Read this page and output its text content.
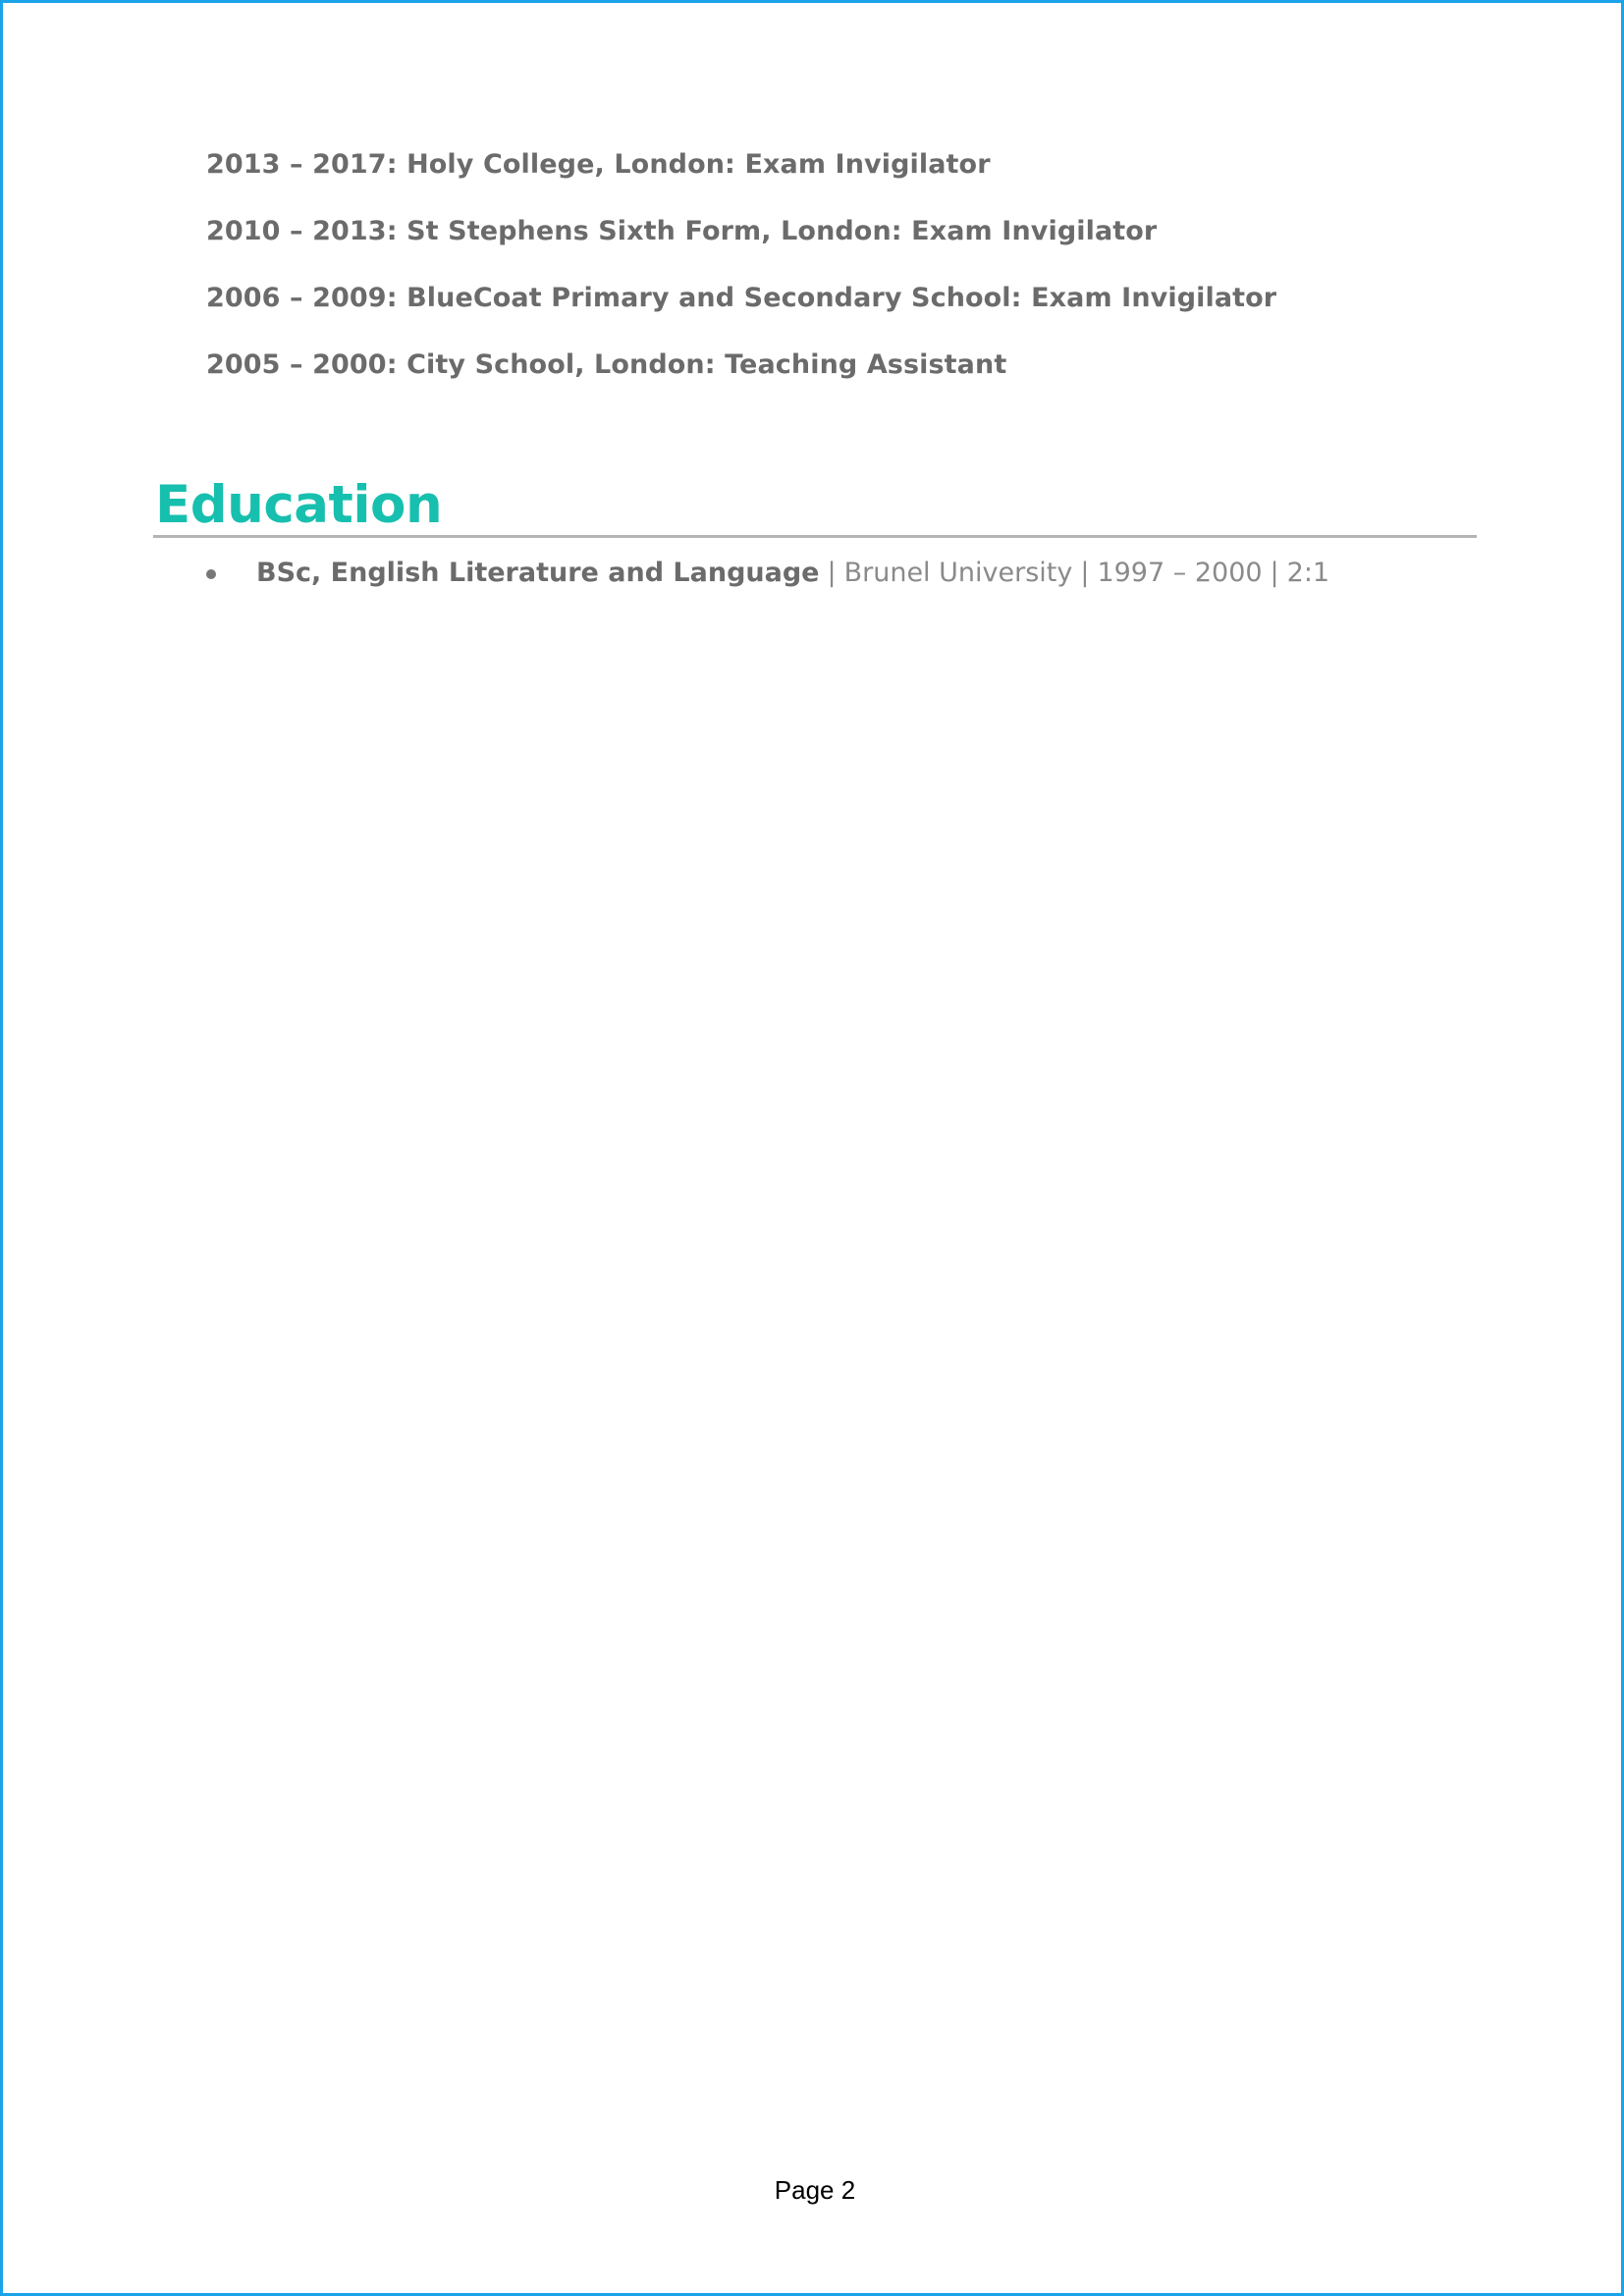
2013 – 2017: Holy College, London: Exam Invigilator
2010 – 2013: St Stephens Sixth Form, London: Exam Invigilator
2006 – 2009: BlueCoat Primary and Secondary School: Exam Invigilator
2005 – 2000: City School, London: Teaching Assistant
Education
BSc, English Literature and Language | Brunel University | 1997 – 2000 | 2:1
Page 2
